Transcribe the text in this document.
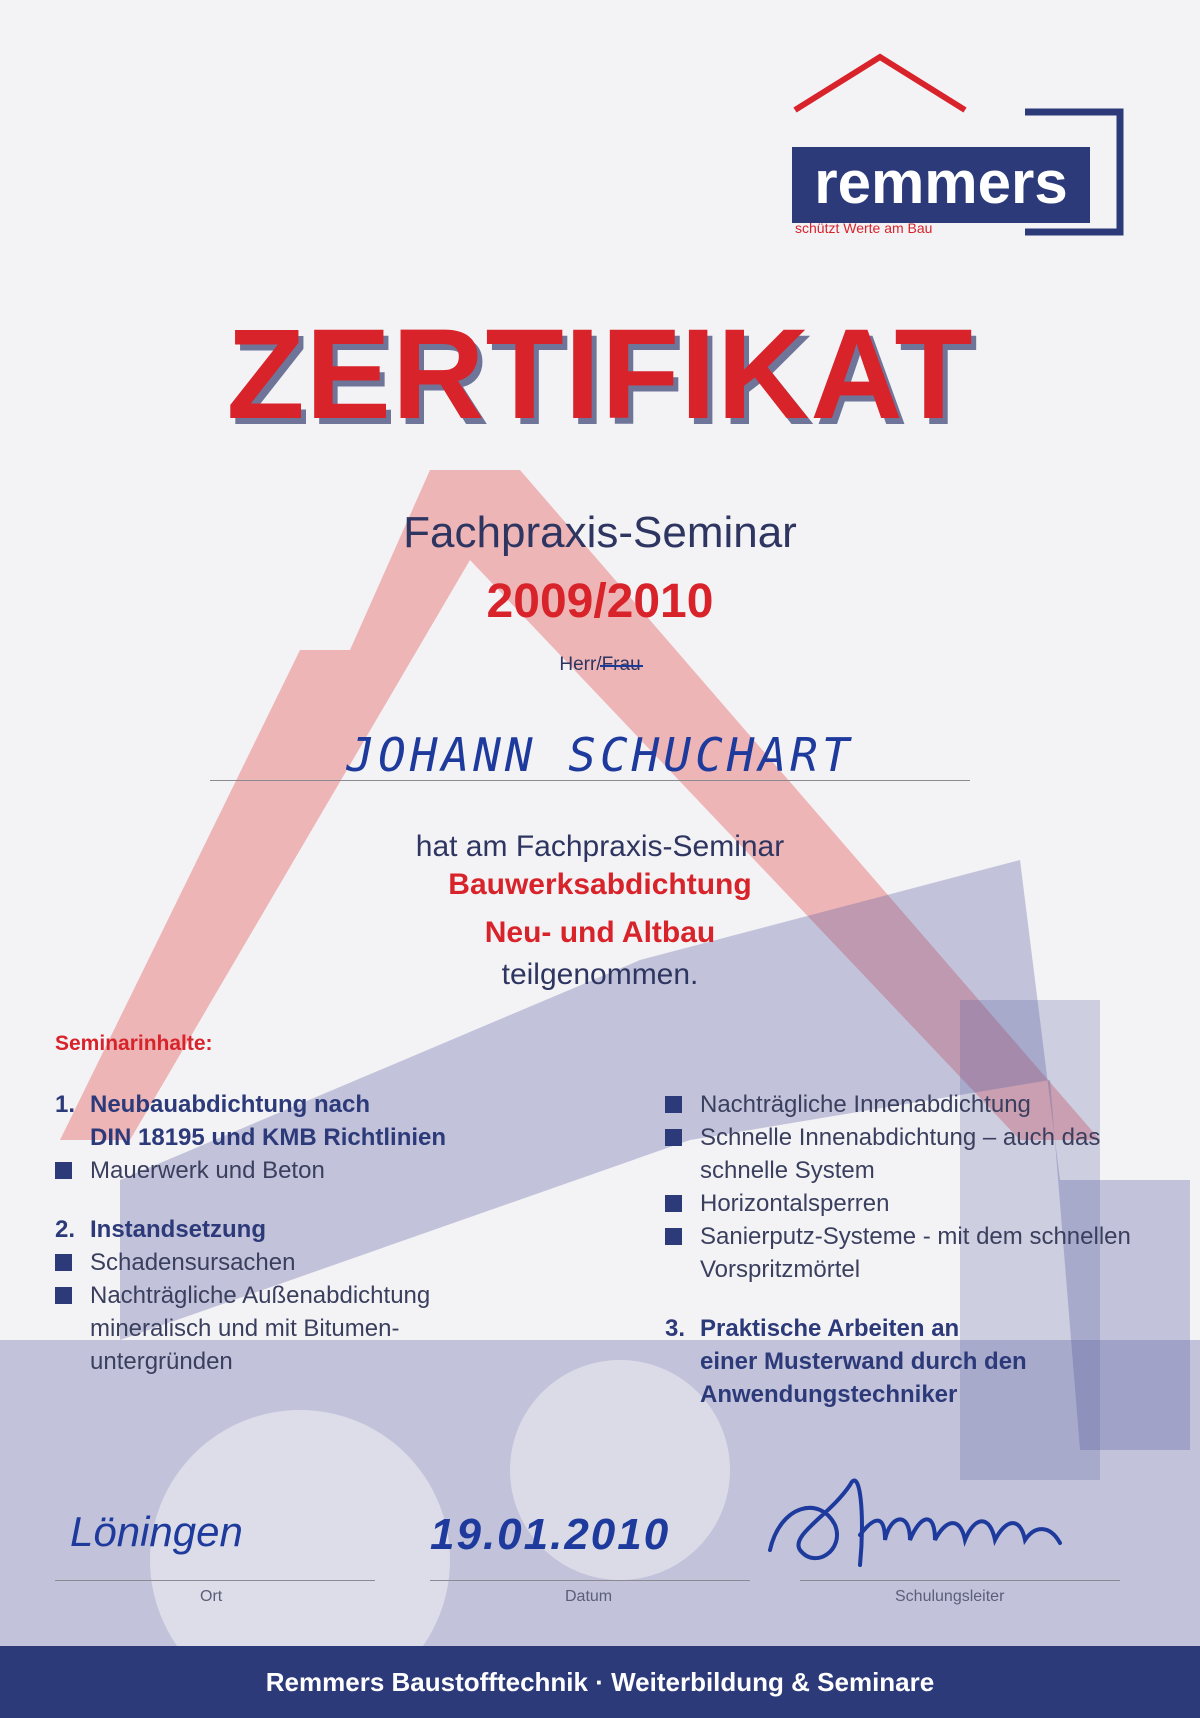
remmers
schützt Werte am Bau
ZERTIFIKAT
Fachpraxis-Seminar
2009/2010
Herr/Frau
JOHANN SCHUCHART
hat am Fachpraxis-Seminar
Bauwerksabdichtung
Neu- und Altbau
teilgenommen.
Seminarinhalte:
1. Neubauabdichtung nach
DIN 18195 und KMB Richtlinien
Mauerwerk und Beton
2. Instandsetzung
Schadensursachen
Nachträgliche Außenabdichtung mineralisch und mit Bitumen-untergründen
Nachträgliche Innenabdichtung
Schnelle Innenabdichtung – auch das schnelle System
Horizontalsperren
Sanierputz-Systeme - mit dem schnellen Vorspritzmörtel
3. Praktische Arbeiten an
einer Musterwand durch den
Anwendungstechniker
Löningen
Ort
19.01.2010
Datum	Schulungsleiter
Remmers Baustofftechnik · Weiterbildung & Seminare
